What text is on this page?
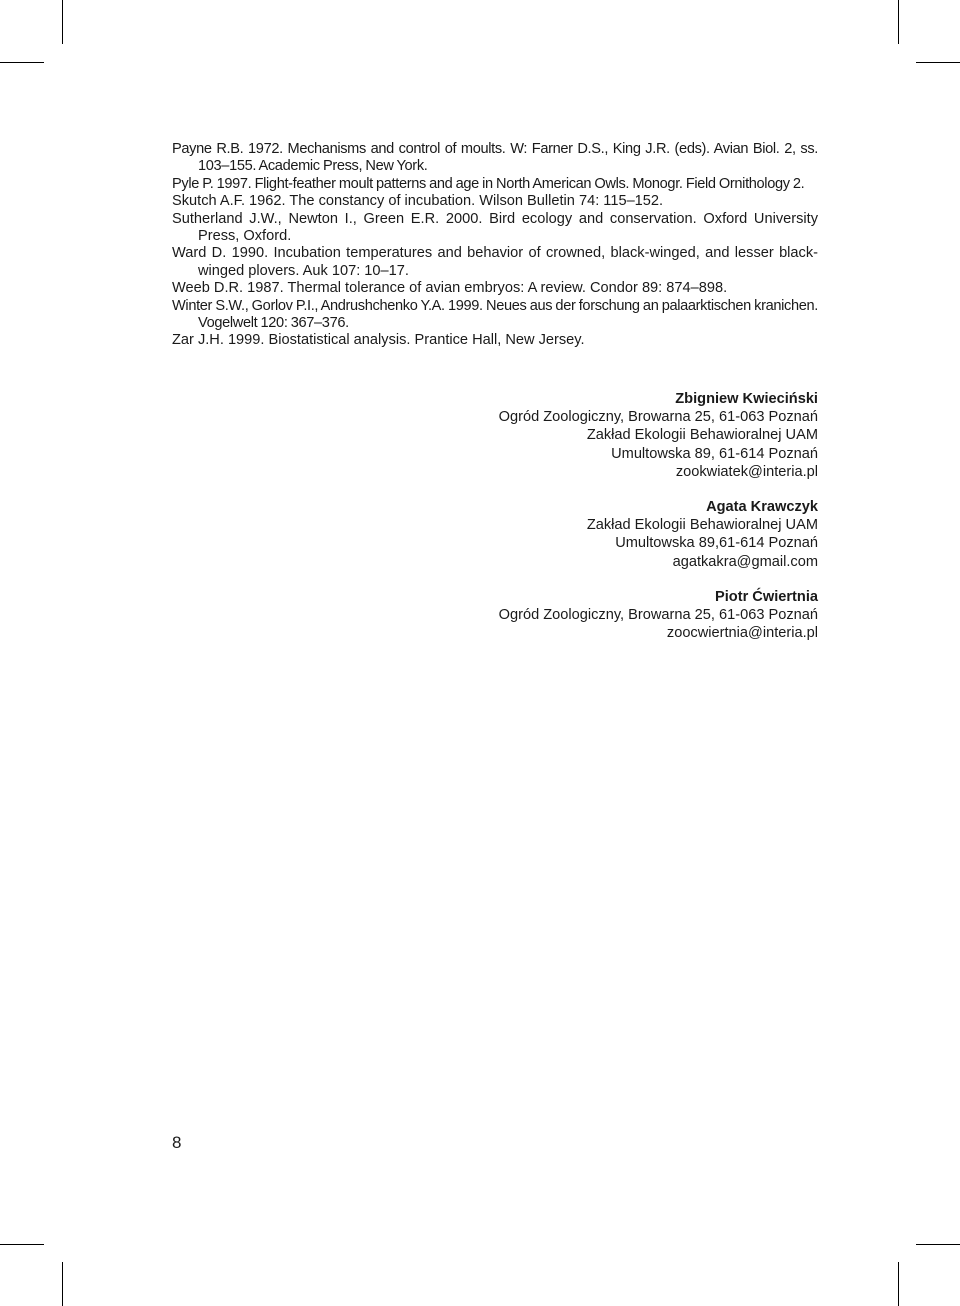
Payne R.B. 1972. Mechanisms and control of moults. W: Farner D.S., King J.R. (eds). Avian Biol. 2, ss. 103–155. Academic Press, New York.

Pyle P. 1997. Flight-feather moult patterns and age in North American Owls. Monogr. Field Ornithology 2.

Skutch A.F. 1962. The constancy of incubation. Wilson Bulletin 74: 115–152.

Sutherland J.W., Newton I., Green E.R. 2000. Bird ecology and conservation. Oxford University Press, Oxford.

Ward D. 1990. Incubation temperatures and behavior of crowned, black-winged, and lesser black-winged plovers. Auk 107: 10–17.

Weeb D.R. 1987. Thermal tolerance of avian embryos: A review. Condor 89: 874–898.

Winter S.W., Gorlov P.I., Andrushchenko Y.A. 1999. Neues aus der forschung an palaarktischen kranichen. Vogelwelt 120: 367–376.

Zar J.H. 1999. Biostatistical analysis. Prantice Hall, New Jersey.

Zbigniew Kwieciński
Ogród Zoologiczny, Browarna 25, 61-063 Poznań
Zakład Ekologii Behawioralnej UAM
Umultowska 89, 61-614 Poznań
zookwiatek@interia.pl
Agata Krawczyk
Zakład Ekologii Behawioralnej UAM
Umultowska 89,61-614 Poznań
agatkakra@gmail.com
Piotr Ćwiertnia
Ogród Zoologiczny, Browarna 25, 61-063 Poznań
zoocwiertnia@interia.pl
8
